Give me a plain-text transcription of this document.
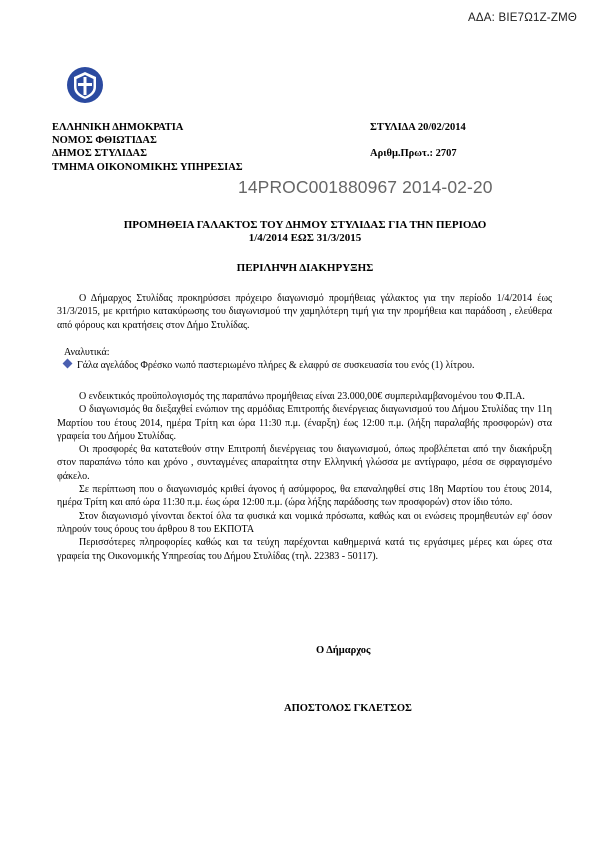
ΑΔΑ: ΒΙΕ7Ω1Ζ-ΖΜΘ
ΕΛΛΗΝΙΚΗ ΔΗΜΟΚΡΑΤΙΑ
ΝΟΜΟΣ ΦΘΙΩΤΙΔΑΣ
ΔΗΜΟΣ ΣΤΥΛΙΔΑΣ
ΤΜΗΜΑ ΟΙΚΟΝΟΜΙΚΗΣ ΥΠΗΡΕΣΙΑΣ
ΣΤΥΛΙΔΑ 20/02/2014
Αριθμ.Πρωτ.: 2707
14PROC001880967 2014-02-20
ΠΡΟΜΗΘΕΙΑ ΓΑΛΑΚΤΟΣ ΤΟΥ ΔΗΜΟΥ ΣΤΥΛΙΔΑΣ ΓΙΑ ΤΗΝ ΠΕΡΙΟΔΟ
1/4/2014 ΕΩΣ 31/3/2015
ΠΕΡΙΛΗΨΗ ΔΙΑΚΗΡΥΞΗΣ

Ο Δήμαρχος Στυλίδας προκηρύσσει πρόχειρο διαγωνισμό προμήθειας γάλακτος για την περίοδο 1/4/2014 έως 31/3/2015, με κριτήριο κατακύρωσης του διαγωνισμού την χαμηλότερη τιμή για την προμήθεια και παράδοση , ελεύθερα από φόρους και κρατήσεις στον Δήμο Στυλίδας.

Αναλυτικά:
Γάλα αγελάδος Φρέσκο νωπό παστεριωμένο πλήρες & ελαφρύ σε συσκευασία του ενός (1) λίτρου.

Ο ενδεικτικός προϋπολογισμός της παραπάνω προμήθειας είναι 23.000,00€ συμπεριλαμβανομένου του Φ.Π.Α.

Ο διαγωνισμός θα διεξαχθεί ενώπιον της αρμόδιας Επιτροπής διενέργειας διαγωνισμού του Δήμου Στυλίδας την 11η Μαρτίου του έτους 2014, ημέρα Τρίτη και ώρα 11:30 π.μ. (έναρξη) έως 12:00 π.μ. (λήξη παραλαβής προσφορών) στα γραφεία του Δήμου Στυλίδας.

Οι προσφορές θα κατατεθούν στην Επιτροπή διενέργειας του διαγωνισμού, όπως προβλέπεται από την διακήρυξη στον παραπάνω τόπο και χρόνο , συνταγμένες απαραίτητα στην Ελληνική γλώσσα με αντίγραφο, μέσα σε σφραγισμένο φάκελο.

Σε περίπτωση που ο διαγωνισμός κριθεί άγονος ή ασύμφορος, θα επαναληφθεί στις 18η Μαρτίου του έτους 2014, ημέρα Τρίτη και από ώρα 11:30 π.μ. έως ώρα 12:00 π.μ. (ώρα λήξης παράδοσης των προσφορών) στον ίδιο τόπο.

Στον διαγωνισμό γίνονται δεκτοί όλα τα φυσικά και νομικά πρόσωπα, καθώς και οι ενώσεις προμηθευτών εφ' όσον πληρούν τους όρους του άρθρου 8 του ΕΚΠΟΤΑ

Περισσότερες πληροφορίες καθώς και τα τεύχη παρέχονται καθημερινά κατά τις εργάσιμες μέρες και ώρες στα γραφεία της Οικονομικής Υπηρεσίας του Δήμου Στυλίδας (τηλ. 22383 - 50117).

Ο Δήμαρχος
ΑΠΟΣΤΟΛΟΣ ΓΚΛΕΤΣΟΣ
